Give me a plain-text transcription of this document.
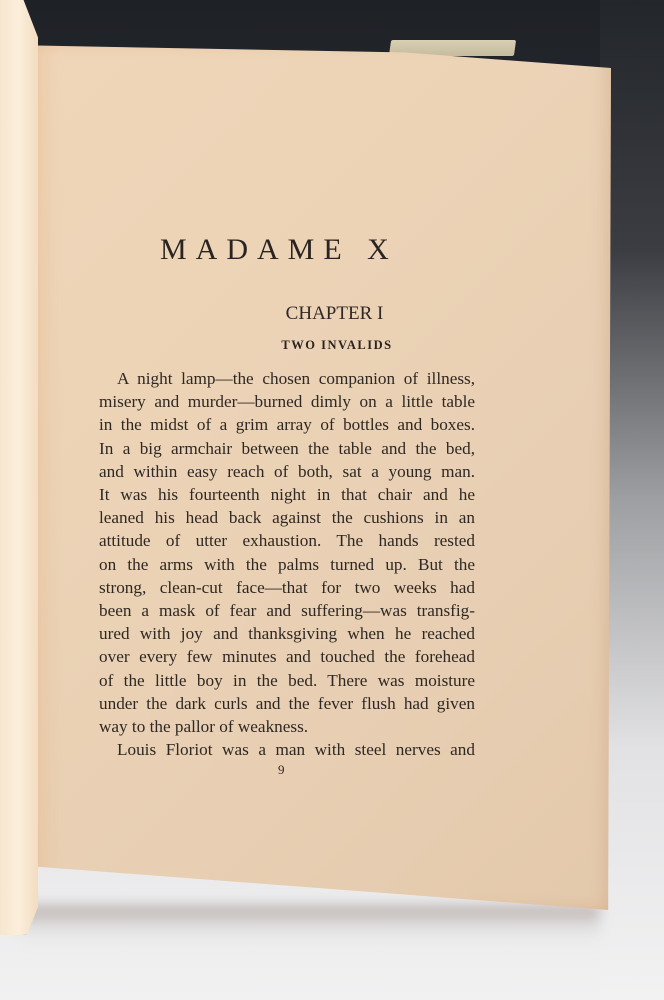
MADAME X
CHAPTER I
TWO INVALIDS
A night lamp—the chosen companion of illness,
misery and murder—burned dimly on a little table
in the midst of a grim array of bottles and boxes.
In a big armchair between the table and the bed,
and within easy reach of both, sat a young man.
It was his fourteenth night in that chair and he
leaned his head back against the cushions in an
attitude of utter exhaustion. The hands rested
on the arms with the palms turned up. But the
strong, clean-cut face—that for two weeks had
been a mask of fear and suffering—was transfig-
ured with joy and thanksgiving when he reached
over every few minutes and touched the forehead
of the little boy in the bed. There was moisture
under the dark curls and the fever flush had given
way to the pallor of weakness.
Louis Floriot was a man with steel nerves and
9
